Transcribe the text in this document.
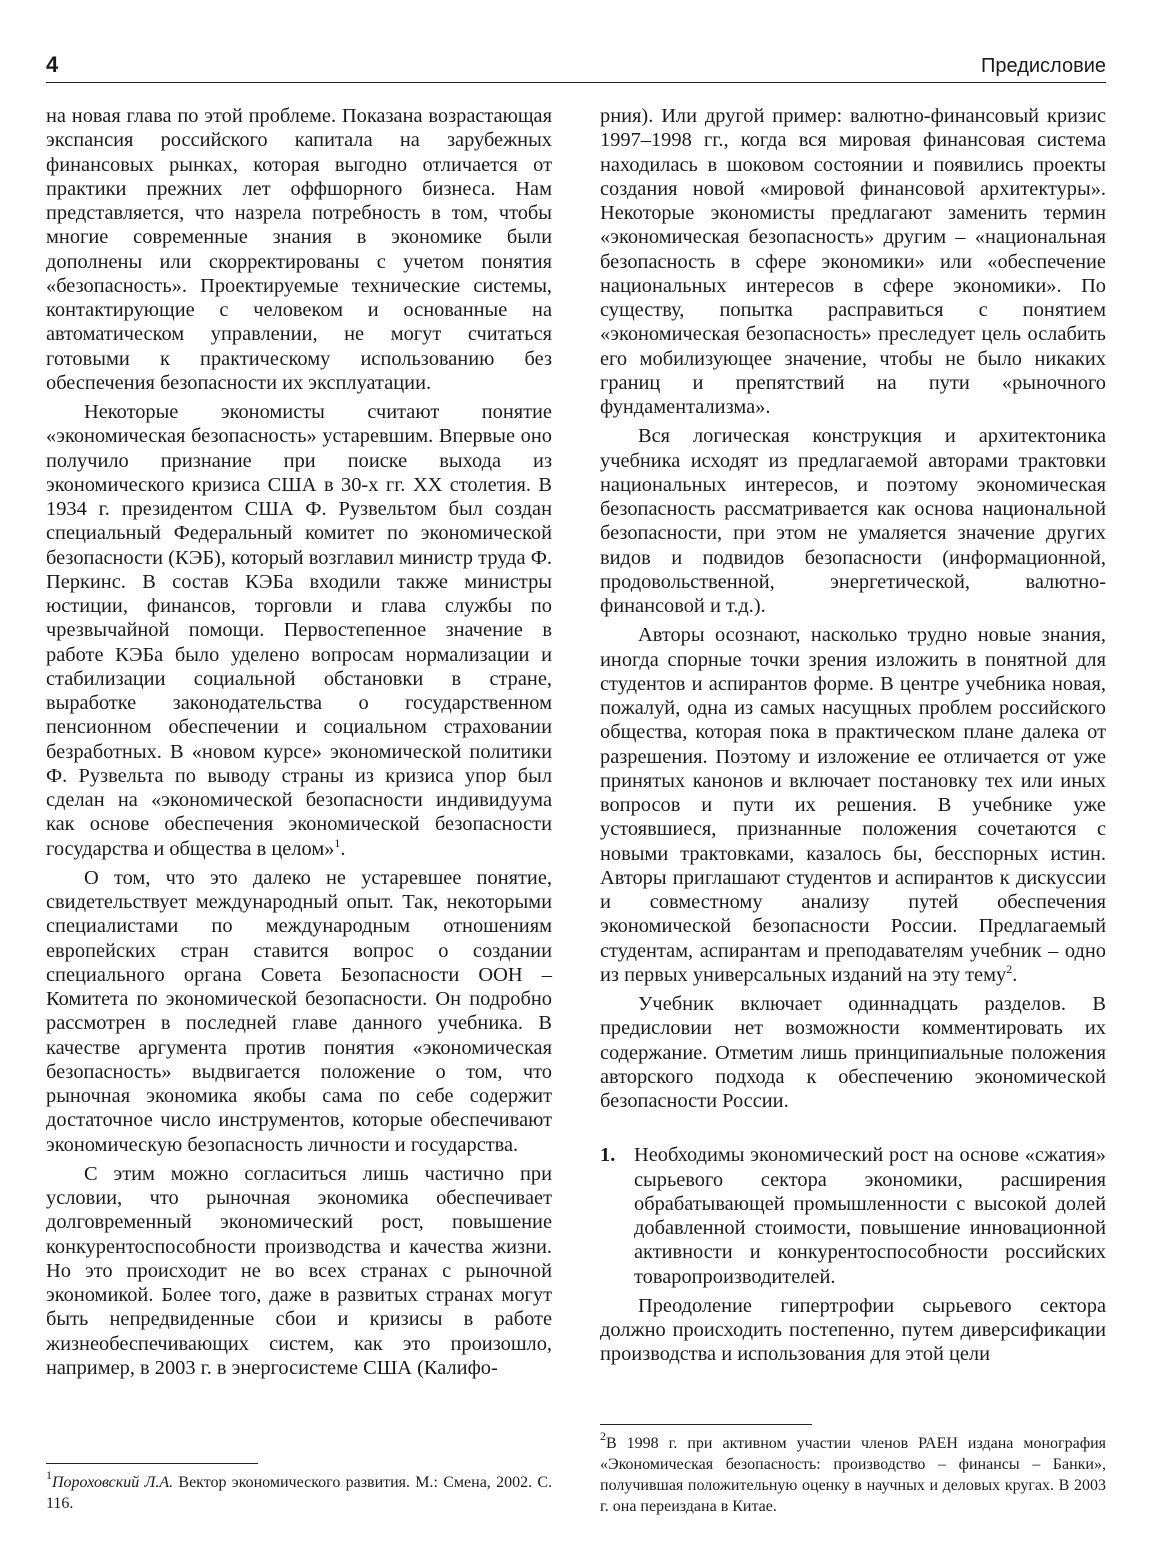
4	Предисловие

на новая глава по этой проблеме. Показана возрастающая экспансия российского капитала на зарубежных финансовых рынках, которая выгодно отличается от практики прежних лет оффшорного бизнеса. Нам представляется, что назрела потребность в том, чтобы многие современные знания в экономике были дополнены или скорректированы с учетом понятия «безопасность». Проектируемые технические системы, контактирующие с человеком и основанные на автоматическом управлении, не могут считаться готовыми к практическому использованию без обеспечения безопасности их эксплуатации.

Некоторые экономисты считают понятие «экономическая безопасность» устаревшим. Впервые оно получило признание при поиске выхода из экономического кризиса США в 30-х гг. XX столетия. В 1934 г. президентом США Ф. Рузвельтом был создан специальный Федеральный комитет по экономической безопасности (КЭБ), который возглавил министр труда Ф. Перкинс. В состав КЭБа входили также министры юстиции, финансов, торговли и глава службы по чрезвычайной помощи. Первостепенное значение в работе КЭБа было уделено вопросам нормализации и стабилизации социальной обстановки в стране, выработке законодательства о государственном пенсионном обеспечении и социальном страховании безработных. В «новом курсе» экономической политики Ф. Рузвельта по выводу страны из кризиса упор был сделан на «экономической безопасности индивидуума как основе обеспечения экономической безопасности государства и общества в целом»$^1$.

О том, что это далеко не устаревшее понятие, свидетельствует международный опыт. Так, некоторыми специалистами по международным отношениям европейских стран ставится вопрос о создании специального органа Совета Безопасности ООН – Комитета по экономической безопасности. Он подробно рассмотрен в последней главе данного учебника. В качестве аргумента против понятия «экономическая безопасность» выдвигается положение о том, что рыночная экономика якобы сама по себе содержит достаточное число инструментов, которые обеспечивают экономическую безопасность личности и государства.

С этим можно согласиться лишь частично при условии, что рыночная экономика обеспечивает долговременный экономический рост, повышение конкурентоспособности производства и качества жизни. Но это происходит не во всех странах с рыночной экономикой. Более того, даже в развитых странах могут быть непредвиденные сбои и кризисы в работе жизнеобеспечивающих систем, как это произошло, например, в 2003 г. в энергосистеме США (Калифо-

рния). Или другой пример: валютно-финансовый кризис 1997–1998 гг., когда вся мировая финансовая система находилась в шоковом состоянии и появились проекты создания новой «мировой финансовой архитектуры». Некоторые экономисты предлагают заменить термин «экономическая безопасность» другим – «национальная безопасность в сфере экономики» или «обеспечение национальных интересов в сфере экономики». По существу, попытка расправиться с понятием «экономическая безопасность» преследует цель ослабить его мобилизующее значение, чтобы не было никаких границ и препятствий на пути «рыночного фундаментализма».

Вся логическая конструкция и архитектоника учебника исходят из предлагаемой авторами трактовки национальных интересов, и поэтому экономическая безопасность рассматривается как основа национальной безопасности, при этом не умаляется значение других видов и подвидов безопасности (информационной, продовольственной, энергетической, валютно-финансовой и т.д.).

Авторы осознают, насколько трудно новые знания, иногда спорные точки зрения изложить в понятной для студентов и аспирантов форме. В центре учебника новая, пожалуй, одна из самых насущных проблем российского общества, которая пока в практическом плане далека от разрешения. Поэтому и изложение ее отличается от уже принятых канонов и включает постановку тех или иных вопросов и пути их решения. В учебнике уже устоявшиеся, признанные положения сочетаются с новыми трактовками, казалось бы, бесспорных истин. Авторы приглашают студентов и аспирантов к дискуссии и совместному анализу путей обеспечения экономической безопасности России. Предлагаемый студентам, аспирантам и преподавателям учебник – одно из первых универсальных изданий на эту тему$^2$.

Учебник включает одиннадцать разделов. В предисловии нет возможности комментировать их содержание. Отметим лишь принципиальные положения авторского подхода к обеспечению экономической безопасности России.

1. Необходимы экономический рост на основе «сжатия» сырьевого сектора экономики, расширения обрабатывающей промышленности с высокой долей добавленной стоимости, повышение инновационной активности и конкурентоспособности российских товаропроизводителей.

Преодоление гипертрофии сырьевого сектора должно происходить постепенно, путем диверсификации производства и использования для этой цели

$^1$Пороховский Л.А. Вектор экономического развития. М.: Смена, 2002. С. 116.
$^2$В 1998 г. при активном участии членов РАЕН издана монография «Экономическая безопасность: производство – финансы – Банки», получившая положительную оценку в научных и деловых кругах. В 2003 г. она переиздана в Китае.
